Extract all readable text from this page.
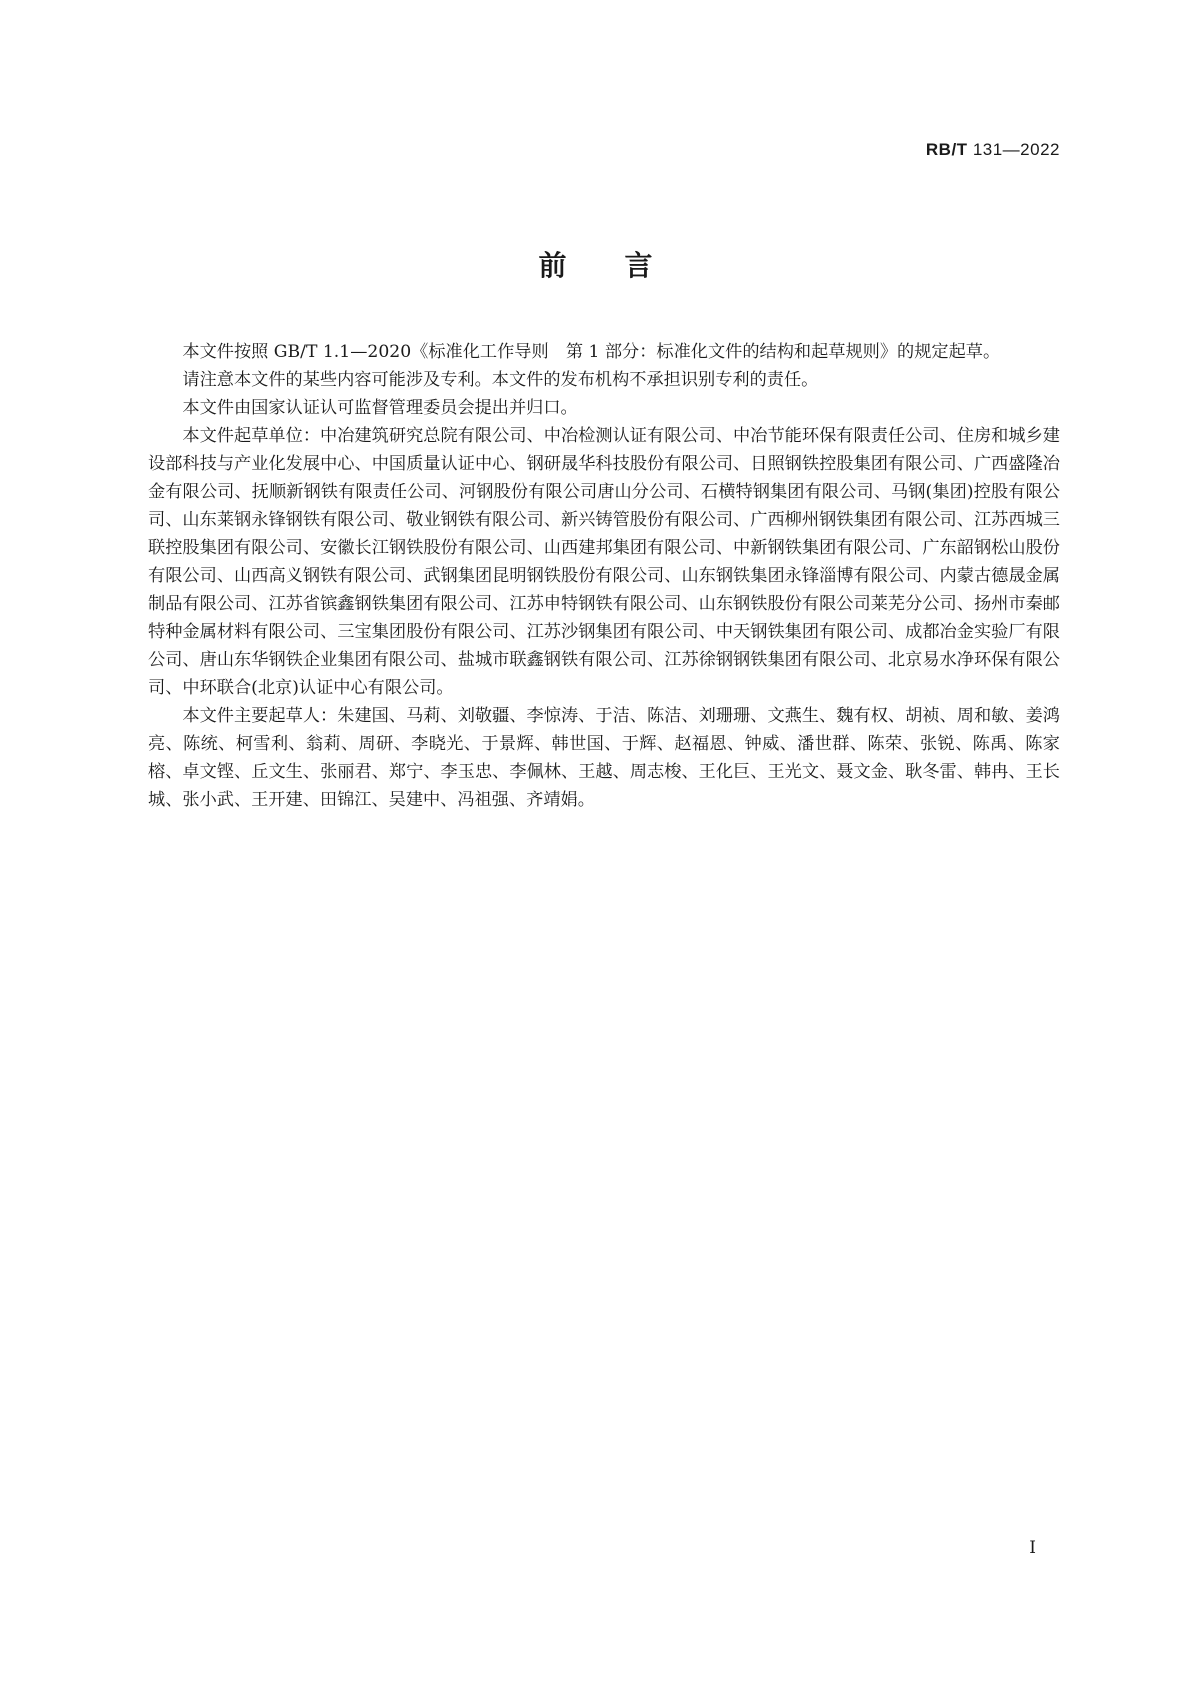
RB/T 131—2022
前言

本文件按照 GB/T 1.1—2020《标准化工作导则　第 1 部分：标准化文件的结构和起草规则》的规定起草。

请注意本文件的某些内容可能涉及专利。本文件的发布机构不承担识别专利的责任。

本文件由国家认证认可监督管理委员会提出并归口。

本文件起草单位：中冶建筑研究总院有限公司、中冶检测认证有限公司、中冶节能环保有限责任公司、住房和城乡建设部科技与产业化发展中心、中国质量认证中心、钢研晟华科技股份有限公司、日照钢铁控股集团有限公司、广西盛隆冶金有限公司、抚顺新钢铁有限责任公司、河钢股份有限公司唐山分公司、石横特钢集团有限公司、马钢(集团)控股有限公司、山东莱钢永锋钢铁有限公司、敬业钢铁有限公司、新兴铸管股份有限公司、广西柳州钢铁集团有限公司、江苏西城三联控股集团有限公司、安徽长江钢铁股份有限公司、山西建邦集团有限公司、中新钢铁集团有限公司、广东韶钢松山股份有限公司、山西高义钢铁有限公司、武钢集团昆明钢铁股份有限公司、山东钢铁集团永锋淄博有限公司、内蒙古德晟金属制品有限公司、江苏省镔鑫钢铁集团有限公司、江苏申特钢铁有限公司、山东钢铁股份有限公司莱芜分公司、扬州市秦邮特种金属材料有限公司、三宝集团股份有限公司、江苏沙钢集团有限公司、中天钢铁集团有限公司、成都冶金实验厂有限公司、唐山东华钢铁企业集团有限公司、盐城市联鑫钢铁有限公司、江苏徐钢钢铁集团有限公司、北京易水净环保有限公司、中环联合(北京)认证中心有限公司。

本文件主要起草人：朱建国、马莉、刘敬疆、李惊涛、于洁、陈洁、刘珊珊、文燕生、魏有权、胡祯、周和敏、姜鸿亮、陈统、柯雪利、翁莉、周研、李晓光、于景辉、韩世国、于辉、赵福恩、钟威、潘世群、陈荣、张锐、陈禹、陈家榕、卓文铿、丘文生、张丽君、郑宁、李玉忠、李佩林、王越、周志梭、王化巨、王光文、聂文金、耿冬雷、韩冉、王长城、张小武、王开建、田锦江、吴建中、冯祖强、齐靖娟。

I
